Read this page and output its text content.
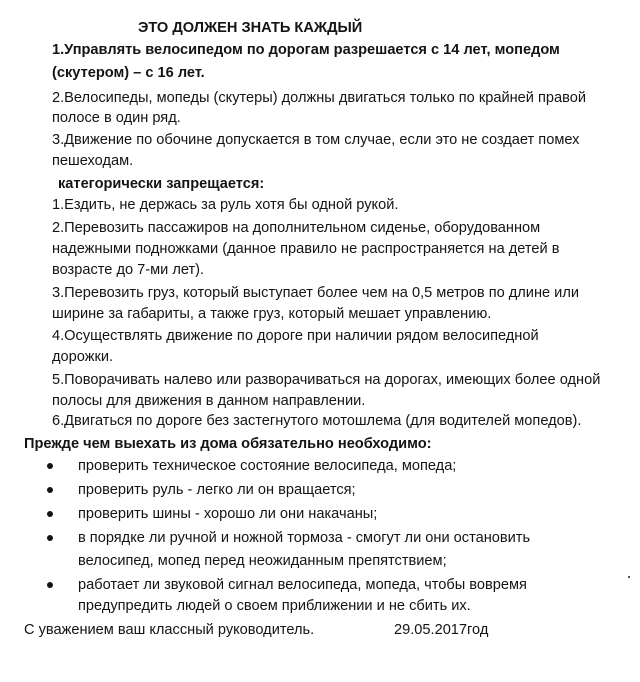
ЭТО ДОЛЖЕН ЗНАТЬ КАЖДЫЙ
1.Управлять велосипедом по дорогам разрешается с 14 лет, мопедом
(скутером) – с 16 лет.
2.Велосипеды, мопеды (скутеры) должны двигаться только по крайней правой
полосе в один ряд.
3.Движение по обочине допускается в том случае, если это не создает помех
пешеходам.
категорически запрещается:
1.Ездить, не держась за руль хотя бы одной рукой.
2.Перевозить пассажиров на дополнительном сиденье, оборудованном
надежными подножками (данное правило не распространяется на детей в
возрасте до 7-ми лет).
3.Перевозить груз, который выступает более чем на 0,5 метров по длине или
ширине за габариты, а также груз, который мешает управлению.
4.Осуществлять движение по дороге при наличии рядом велосипедной
дорожки.
5.Поворачивать налево или разворачиваться на дорогах, имеющих более одной
полосы для движения в данном направлении.
6.Двигаться по дороге без застегнутого мотошлема (для водителей мопедов).
Прежде чем выехать из дома обязательно необходимо:
проверить техническое состояние велосипеда, мопеда;
проверить руль - легко ли он вращается;
проверить шины - хорошо ли они накачаны;
в порядке ли ручной и ножной тормоза - смогут ли они остановить
велосипед, мопед перед неожиданным препятствием;
работает ли звуковой сигнал велосипеда, мопеда, чтобы вовремя
предупредить людей о своем приближении и не сбить их.
С уважением ваш классный руководитель.	29.05.2017год
